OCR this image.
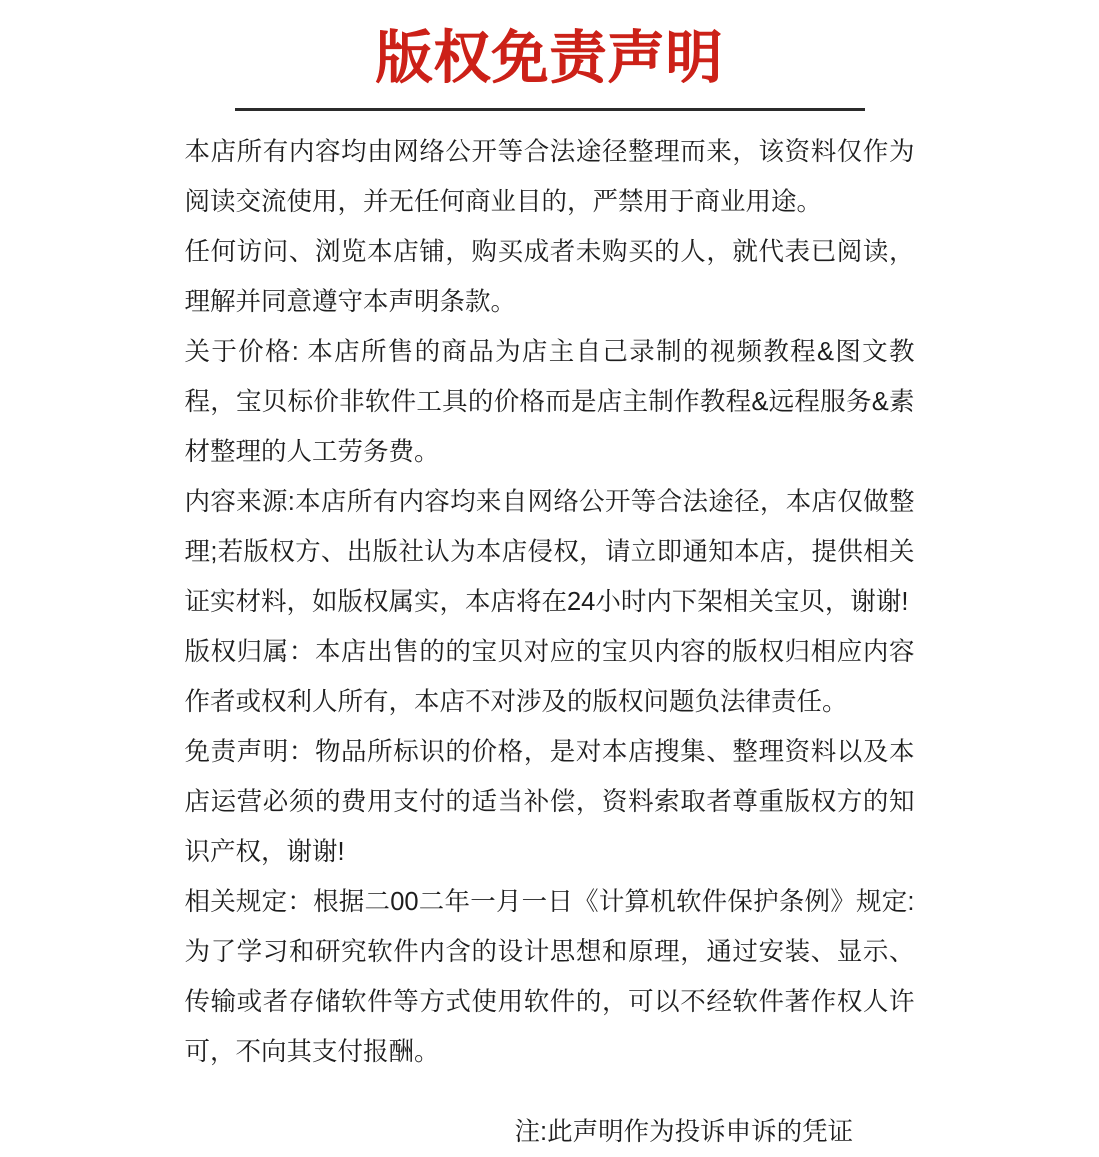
版权免责声明

本店所有内容均由网络公开等合法途径整理而来，该资料仅作为阅读交流使用，并无任何商业目的，严禁用于商业用途。

任何访问、浏览本店铺，购买成者未购买的人，就代表已阅读，理解并同意遵守本声明条款。

关于价格: 本店所售的商品为店主自己录制的视频教程&图文教程，宝贝标价非软件工具的价格而是店主制作教程&远程服务&素材整理的人工劳务费。

内容来源:本店所有内容均来自网络公开等合法途径，本店仅做整理;若版权方、出版社认为本店侵权，请立即通知本店，提供相关证实材料，如版权属实，本店将在24小时内下架相关宝贝，谢谢!

版权归属：本店出售的的宝贝对应的宝贝内容的版权归相应内容作者或权利人所有，本店不对涉及的版权问题负法律责任。

免责声明：物品所标识的价格，是对本店搜集、整理资料以及本店运营必须的费用支付的适当补偿，资料索取者尊重版权方的知识产权，谢谢!

相关规定：根据二00二年一月一日《计算机软件保护条例》规定:为了学习和研究软件内含的设计思想和原理，通过安装、显示、传输或者存储软件等方式使用软件的，可以不经软件著作权人许可，不向其支付报酬。

注:此声明作为投诉申诉的凭证
